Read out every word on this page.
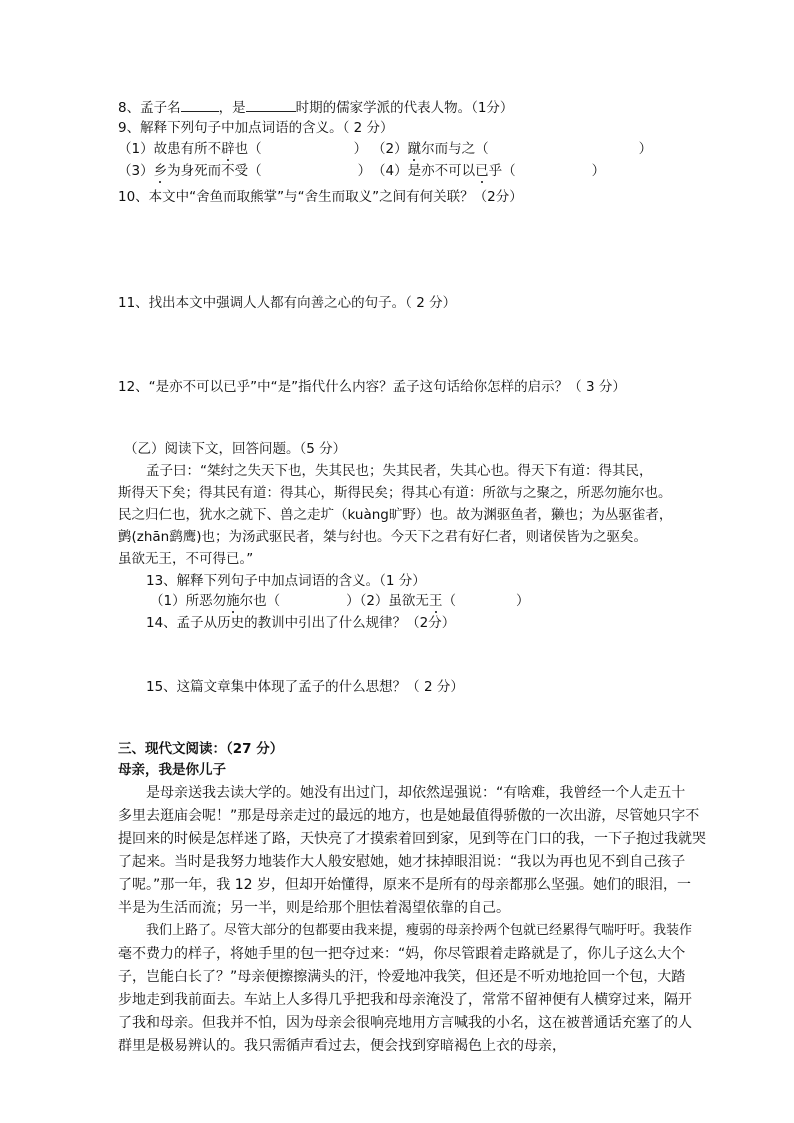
8、孟子名	，是	时期的儒家学派的代表人物。（1分）
9、解释下列句子中加点词语的含义。（ 2 分）
（1）故患有所不辟也（	） （2）蹴尔而与之（	）
（3）乡为身死而不受（	） （4）是亦不可以已乎（	）
10、本文中“舍鱼而取熊掌”与“舍生而取义”之间有何关联？（2分）
11、找出本文中强调人人都有向善之心的句子。（ 2 分）
12、“是亦不可以已乎”中“是”指代什么内容？孟子这句话给你怎样的启示？（ 3 分）
（乙）阅读下文，回答问题。（5 分）
孟子曰：“桀纣之失天下也，失其民也；失其民者，失其心也。得天下有道：得其民，
斯得天下矣；得其民有道：得其心，斯得民矣；得其心有道：所欲与之聚之，所恶勿施尔也。
民之归仁也，犹水之就下、兽之走圹（kuàng旷野）也。故为渊驱鱼者，獭也；为丛驱雀者，
鹯(zhān鹞鹰)也；为汤武驱民者，桀与纣也。今天下之君有好仁者，则诸侯皆为之驱矣。
虽欲无王，不可得已。”
13、解释下列句子中加点词语的含义。（1 分）
（1）所恶勿施尔也（	）（2）虽欲无王（	）
14、孟子从历史的教训中引出了什么规律？（2分）
15、这篇文章集中体现了孟子的什么思想？（ 2 分）
三、现代文阅读：（27 分）
母亲，我是你儿子
是母亲送我去读大学的。她没有出过门，却依然逞强说：“有啥难，我曾经一个人走五十
多里去逛庙会呢！”那是母亲走过的最远的地方，也是她最值得骄傲的一次出游，尽管她只字不
提回来的时候是怎样迷了路，天快亮了才摸索着回到家，见到等在门口的我，一下子抱过我就哭
了起来。当时是我努力地装作大人般安慰她，她才抹掉眼泪说：“我以为再也见不到自己孩子
了呢。”那一年，我 12 岁，但却开始懂得，原来不是所有的母亲都那么坚强。她们的眼泪，一
半是为生活而流；另一半，则是给那个胆怯着渴望依靠的自己。
我们上路了。尽管大部分的包都要由我来提，瘦弱的母亲拎两个包就已经累得气喘吁吁。我装作
毫不费力的样子，将她手里的包一把夺过来：“妈，你尽管跟着走路就是了，你儿子这么大个
子，岂能白长了？”母亲便擦擦满头的汗，怜爱地冲我笑，但还是不听劝地抢回一个包，大踏
步地走到我前面去。车站上人多得几乎把我和母亲淹没了，常常不留神便有人横穿过来，隔开
了我和母亲。但我并不怕，因为母亲会很响亮地用方言喊我的小名，这在被普通话充塞了的人
群里是极易辨认的。我只需循声看过去，便会找到穿暗褐色上衣的母亲，
